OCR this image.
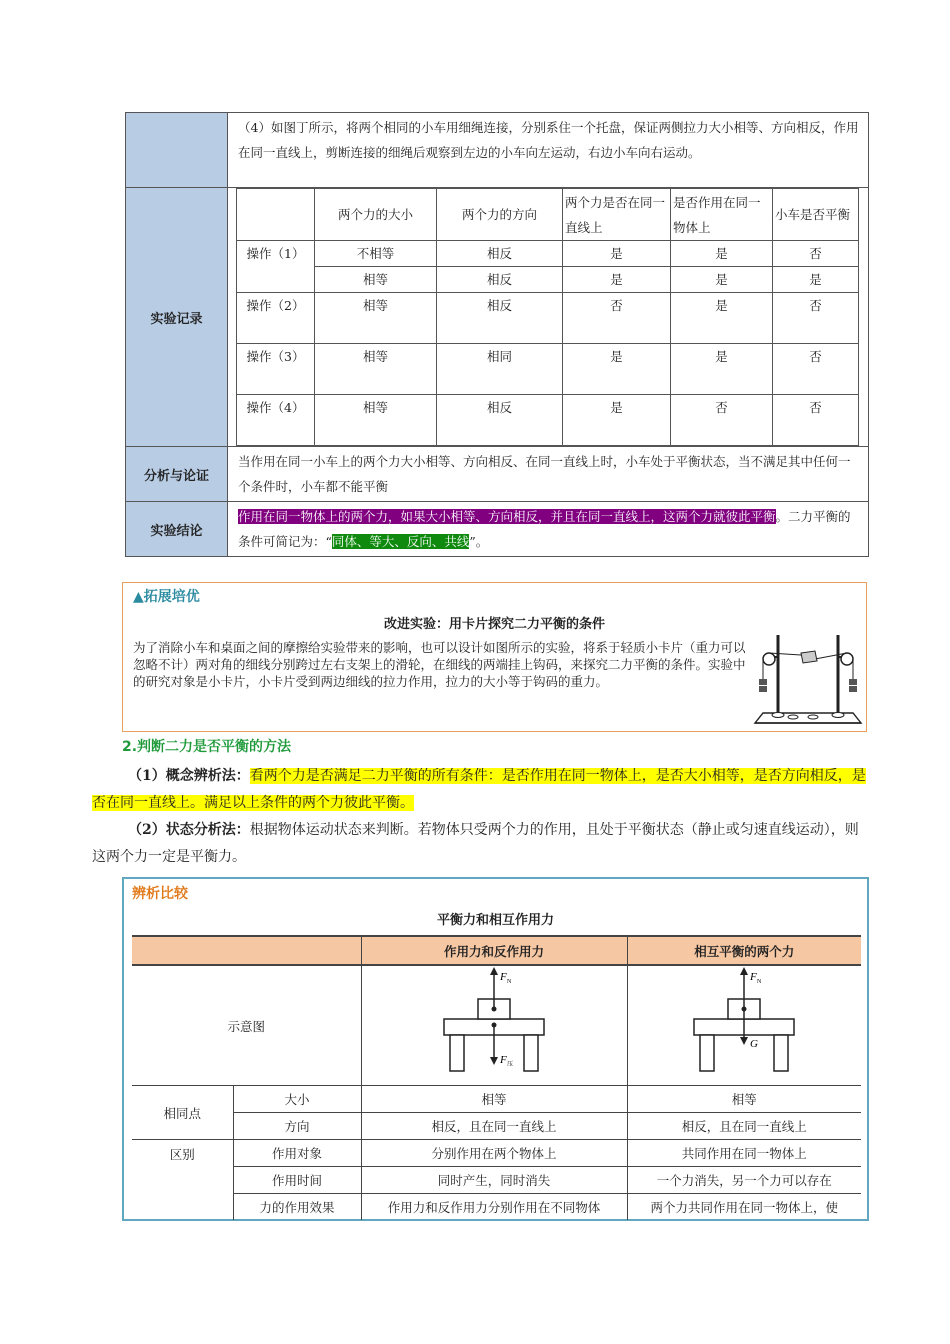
	（4）如图丁所示，将两个相同的小车用细绳连接，分别系住一个托盘，保证两侧拉力大小相等、方向相反，作用在同一直线上，剪断连接的细绳后观察到左边的小车向左运动，右边小车向右运动。
实验记录	
	两个力的大小	两个力的方向	两个力是否在同一直线上	是否作用在同一物体上	小车是否平衡
操作（1）	不相等	相反	是	是	否
相等	相反	是	是	是
操作（2）	相等	相反	否	是	否
操作（3）	相等	相同	是	是	否
操作（4）	相等	相反	是	否	否

分析与论证	当作用在同一小车上的两个力大小相等、方向相反、在同一直线上时，小车处于平衡状态，当不满足其中任何一个条件时，小车都不能平衡
实验结论	作用在同一物体上的两个力，如果大小相等、方向相反，并且在同一直线上，这两个力就彼此平衡。二力平衡的条件可简记为：“同体、等大、反向、共线”。
▲拓展培优
改进实验：用卡片探究二力平衡的条件
为了消除小车和桌面之间的摩擦给实验带来的影响，也可以设计如图所示的实验，将系于轻质小卡片（重力可以忽略不计）两对角的细线分别跨过左右支架上的滑轮，在细线的两端挂上钩码，来探究二力平衡的条件。实验中的研究对象是小卡片，小卡片受到两边细线的拉力作用，拉力的大小等于钩码的重力。
2.判断二力是否平衡的方法
（1）概念辨析法：看两个力是否满足二力平衡的所有条件：是否作用在同一物体上，是否大小相等，是否方向相反，是否在同一直线上。满足以上条件的两个力彼此平衡。
（2）状态分析法：根据物体运动状态来判断。若物体只受两个力的作用，且处于平衡状态（静止或匀速直线运动），则这两个力一定是平衡力。
辨析比较
平衡力和相互作用力
		作用力和反作用力	相互平衡的两个力
示意图		F N
F 压	F N
G

相同点	大小	相等	相等
	方向	相反，且在同一直线上	相反，且在同一直线上
区别	作用对象	分别作用在两个物体上	共同作用在同一物体上
	作用时间	同时产生，同时消失	一个力消失，另一个力可以存在
	力的作用效果	作用力和反作用力分别作用在不同物体	两个力共同作用在同一物体上，使
